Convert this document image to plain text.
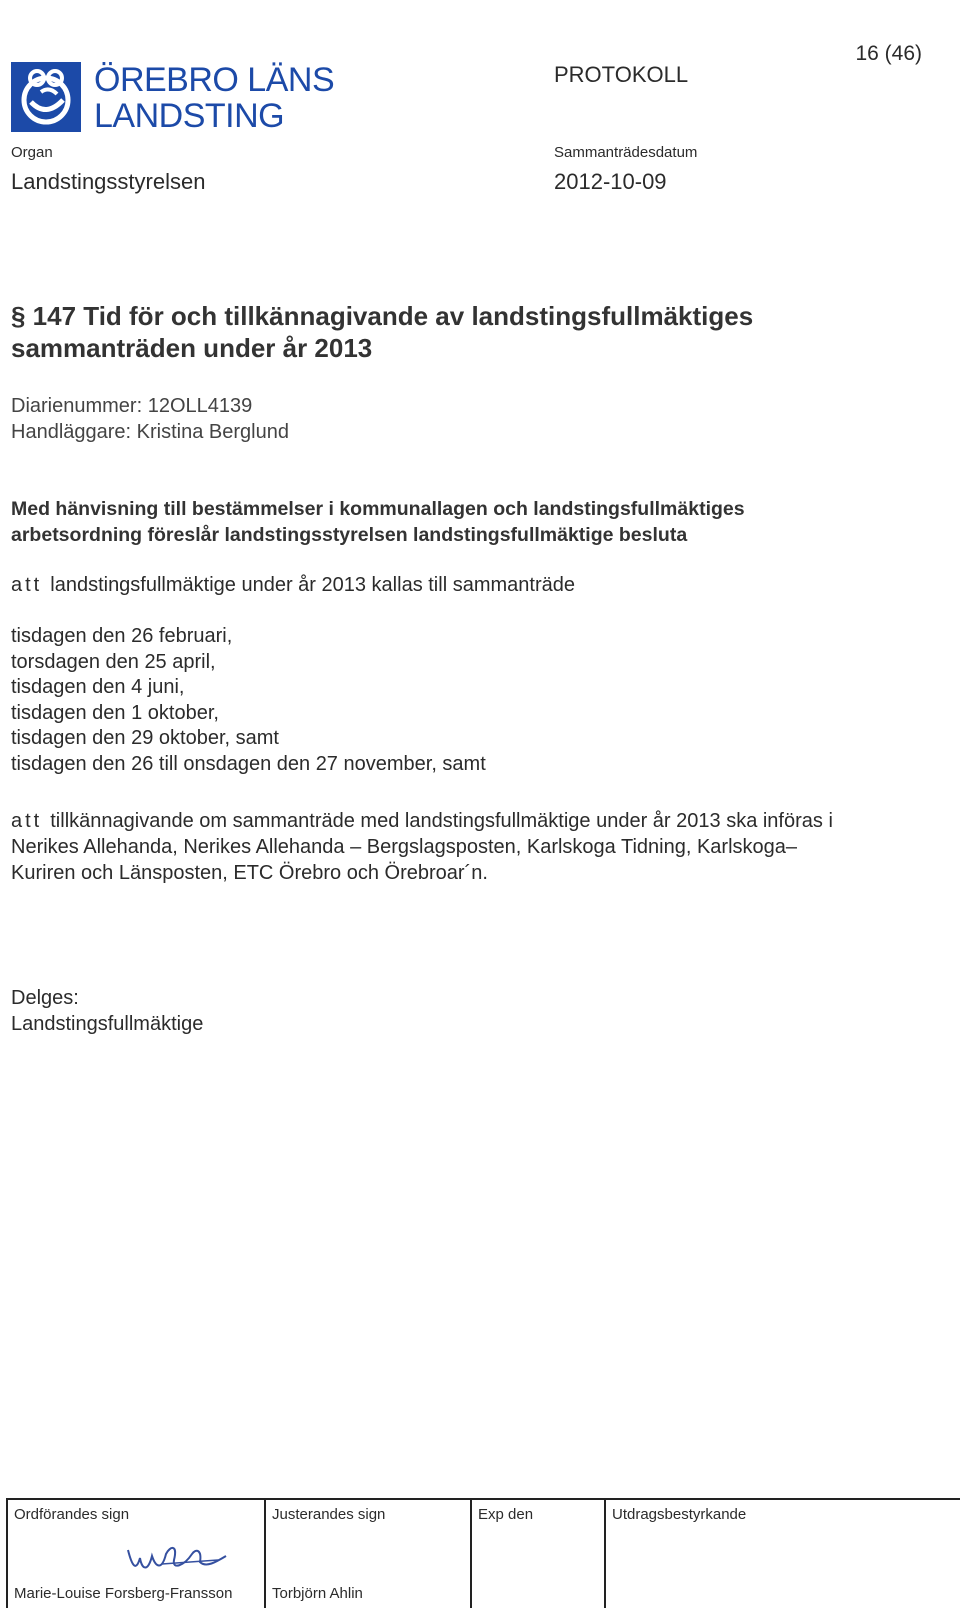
16 (46)
ÖREBRO LÄNS
LANDSTING
PROTOKOLL
Organ
Landstingsstyrelsen
Sammanträdesdatum
2012-10-09
§ 147 Tid för och tillkännagivande av landstingsfullmäktiges
sammanträden under år 2013
Diarienummer: 12OLL4139
Handläggare: Kristina Berglund
Med hänvisning till bestämmelser i kommunallagen och landstingsfullmäktiges
arbetsordning föreslår landstingsstyrelsen landstingsfullmäktige besluta
att landstingsfullmäktige under år 2013 kallas till sammanträde
tisdagen den 26 februari,
torsdagen den 25 april,
tisdagen den 4 juni,
tisdagen den 1 oktober,
tisdagen den 29 oktober, samt
tisdagen den 26 till onsdagen den 27 november, samt
att tillkännagivande om sammanträde med landstingsfullmäktige under år 2013 ska införas i
Nerikes Allehanda, Nerikes Allehanda – Bergslagsposten, Karlskoga Tidning, Karlskoga–
Kuriren och Länsposten, ETC Örebro och Örebroar´n.
Delges:
Landstingsfullmäktige
Ordförandes sign
Marie-Louise Forsberg-Fransson
Justerandes sign
Torbjörn Ahlin
Exp den	Utdragsbestyrkande
